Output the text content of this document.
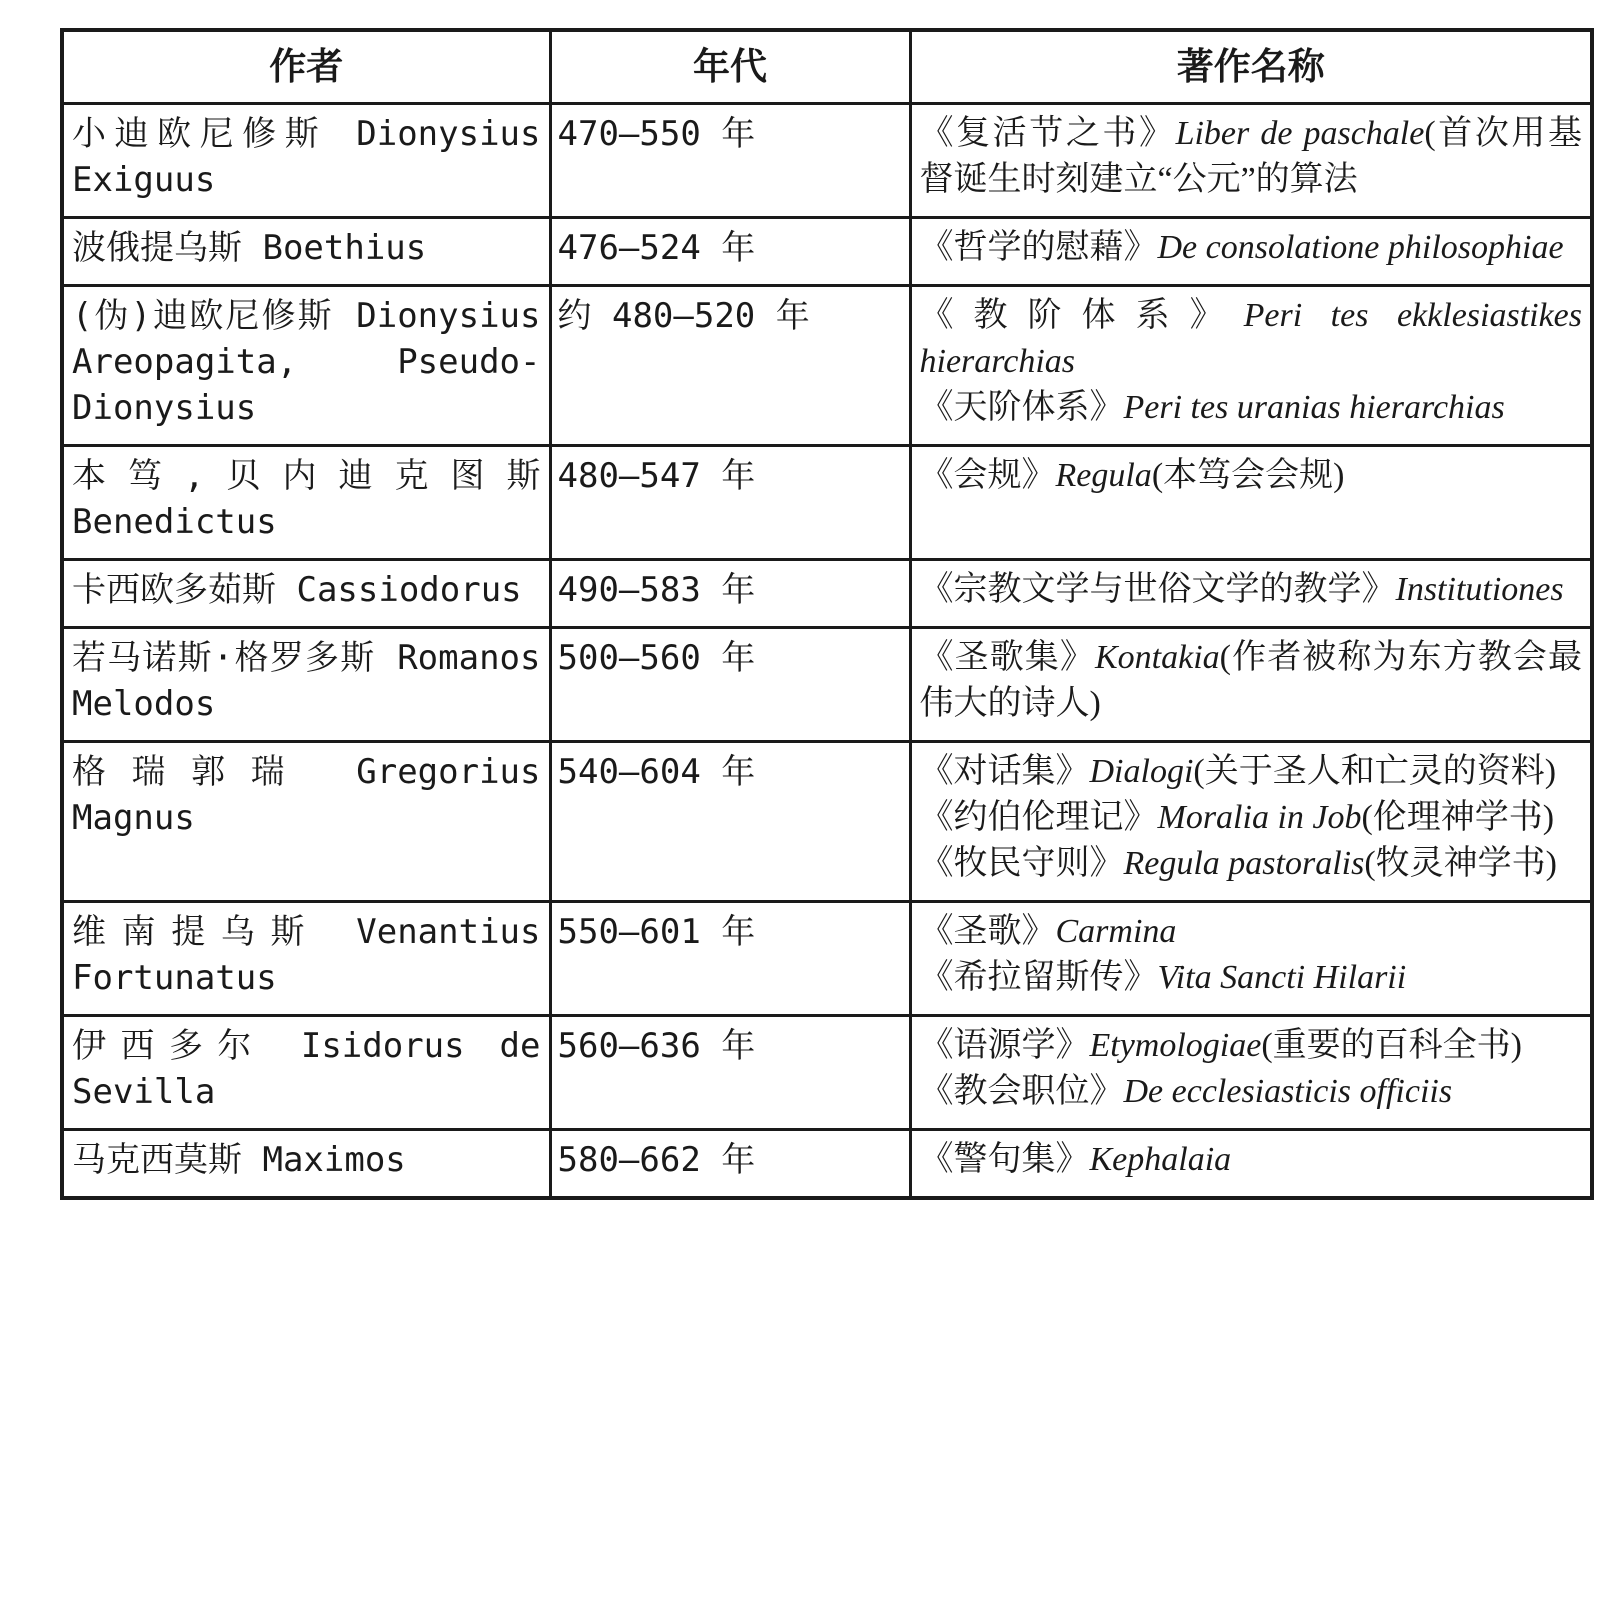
作者	年代	著作名称
小迪欧尼修斯 Dionysius Exiguus	470–550 年	《复活节之书》Liber de paschale(首次用基督诞生时刻建立“公元”的算法

波俄提乌斯 Boethius	476–524 年	《哲学的慰藉》De consolatione philosophiae

(伪)迪欧尼修斯 Dionysius Areopagita, Pseudo-Dionysius	约 480–520 年	《教阶体系》Peri tes ekklesiastikes hierarchias

《天阶体系》Peri tes uranias hierarchias

本笃,贝内迪克图斯 Benedictus	480–547 年	《会规》Regula(本笃会会规)

卡西欧多茹斯 Cassiodorus	490–583 年	《宗教文学与世俗文学的教学》Institutiones

若马诺斯·格罗多斯 Romanos Melodos	500–560 年	《圣歌集》Kontakia(作者被称为东方教会最伟大的诗人)

格瑞郭瑞 Gregorius Magnus	540–604 年	《对话集》Dialogi(关于圣人和亡灵的资料)

《约伯伦理记》Moralia in Job(伦理神学书)

《牧民守则》Regula pastoralis(牧灵神学书)

维南提乌斯 Venantius Fortunatus	550–601 年	《圣歌》Carmina

《希拉留斯传》Vita Sancti Hilarii

伊西多尔 Isidorus de Sevilla	560–636 年	《语源学》Etymologiae(重要的百科全书)

《教会职位》De ecclesiasticis officiis

马克西莫斯 Maximos	580–662 年	《警句集》Kephalaia
